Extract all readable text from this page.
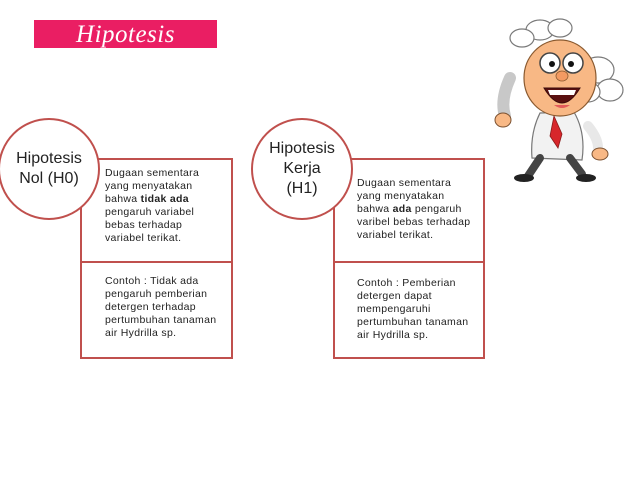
Hipotesis
Dugaan sementara
yang menyatakan
bahwa tidak ada
pengaruh variabel
bebas terhadap
variabel terikat.
Contoh : Tidak ada
pengaruh pemberian
detergen terhadap
pertumbuhan tanaman
air Hydrilla sp.
Hipotesis
Nol (H0)	Dugaan sementara
yang menyatakan
bahwa ada pengaruh
varibel bebas terhadap
variabel terikat.
Contoh : Pemberian
detergen dapat
mempengaruhi
pertumbuhan tanaman
air Hydrilla sp.
Hipotesis
Kerja
(H1)
